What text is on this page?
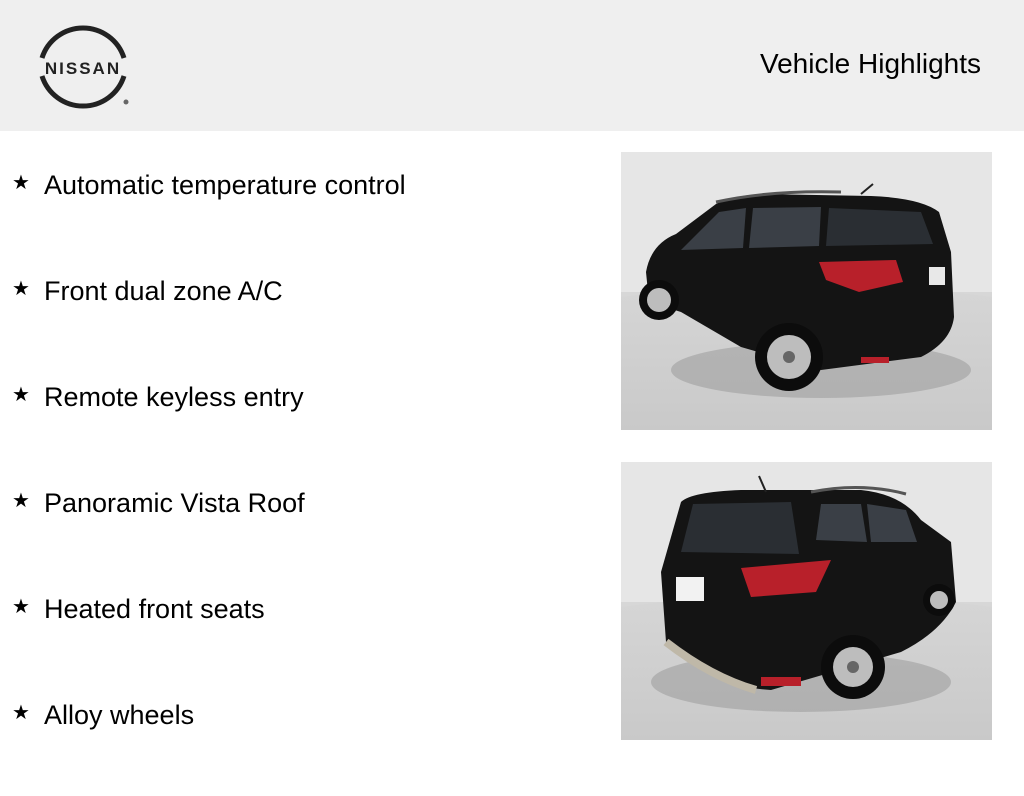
NISSAN	Vehicle Highlights
★ Automatic temperature control
★ Front dual zone A/C
★ Remote keyless entry
★ Panoramic Vista Roof
★ Heated front seats
★ Alloy wheels
